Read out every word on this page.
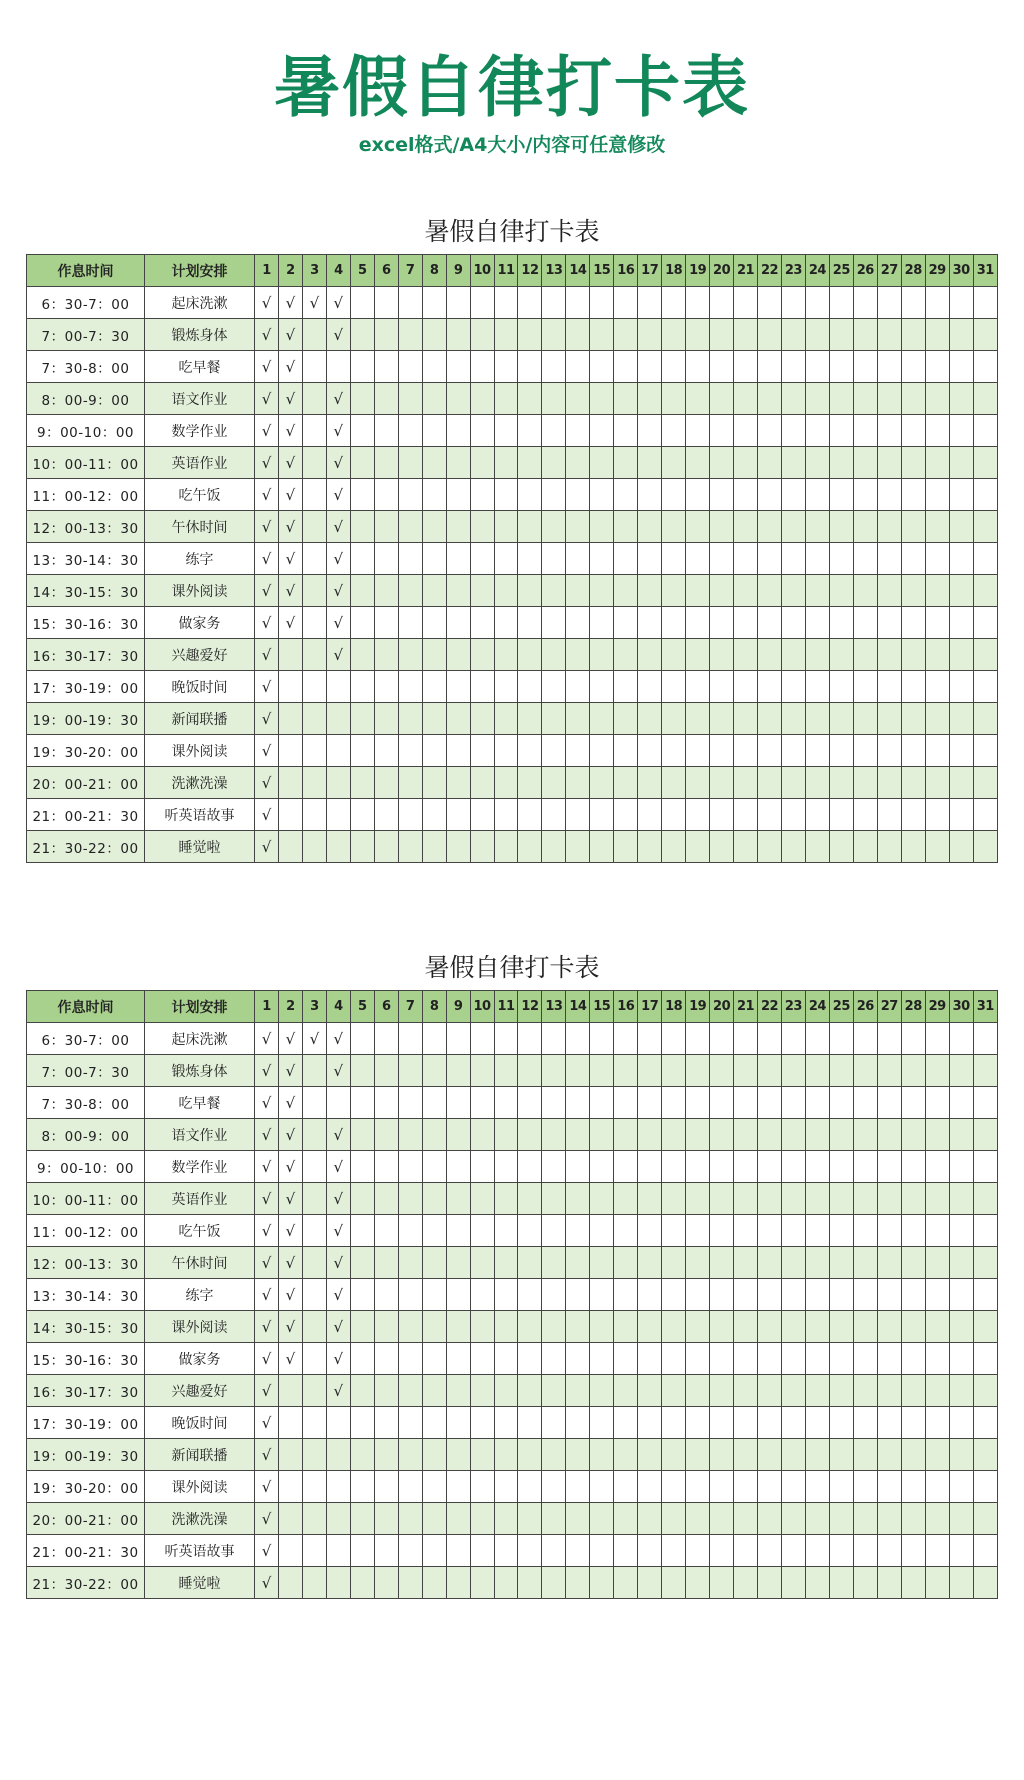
暑假自律打卡表
excel格式/A4大小/内容可任意修改
暑假自律打卡表
作息时间	计划安排	1	2	3	4	5	6	7	8	9	10	11	12	13	14	15	16	17	18	19	20	21	22	23	24	25	26	27	28	29	30	31
6：30-7：00	起床洗漱	√	√	√	√																											
7：00-7：30	锻炼身体	√	√		√																											
7：30-8：00	吃早餐	√	√																													
8：00-9：00	语文作业	√	√		√																											
9：00-10：00	数学作业	√	√		√																											
10：00-11：00	英语作业	√	√		√																											
11：00-12：00	吃午饭	√	√		√																											
12：00-13：30	午休时间	√	√		√																											
13：30-14：30	练字	√	√		√																											
14：30-15：30	课外阅读	√	√		√																											
15：30-16：30	做家务	√	√		√																											
16：30-17：30	兴趣爱好	√			√																											
17：30-19：00	晚饭时间	√																														
19：00-19：30	新闻联播	√																														
19：30-20：00	课外阅读	√																														
20：00-21：00	洗漱洗澡	√																														
21：00-21：30	听英语故事	√																														
21：30-22：00	睡觉啦	√																														
暑假自律打卡表
作息时间	计划安排	1	2	3	4	5	6	7	8	9	10	11	12	13	14	15	16	17	18	19	20	21	22	23	24	25	26	27	28	29	30	31
6：30-7：00	起床洗漱	√	√	√	√																											
7：00-7：30	锻炼身体	√	√		√																											
7：30-8：00	吃早餐	√	√																													
8：00-9：00	语文作业	√	√		√																											
9：00-10：00	数学作业	√	√		√																											
10：00-11：00	英语作业	√	√		√																											
11：00-12：00	吃午饭	√	√		√																											
12：00-13：30	午休时间	√	√		√																											
13：30-14：30	练字	√	√		√																											
14：30-15：30	课外阅读	√	√		√																											
15：30-16：30	做家务	√	√		√																											
16：30-17：30	兴趣爱好	√			√																											
17：30-19：00	晚饭时间	√																														
19：00-19：30	新闻联播	√																														
19：30-20：00	课外阅读	√																														
20：00-21：00	洗漱洗澡	√																														
21：00-21：30	听英语故事	√																														
21：30-22：00	睡觉啦	√																														
